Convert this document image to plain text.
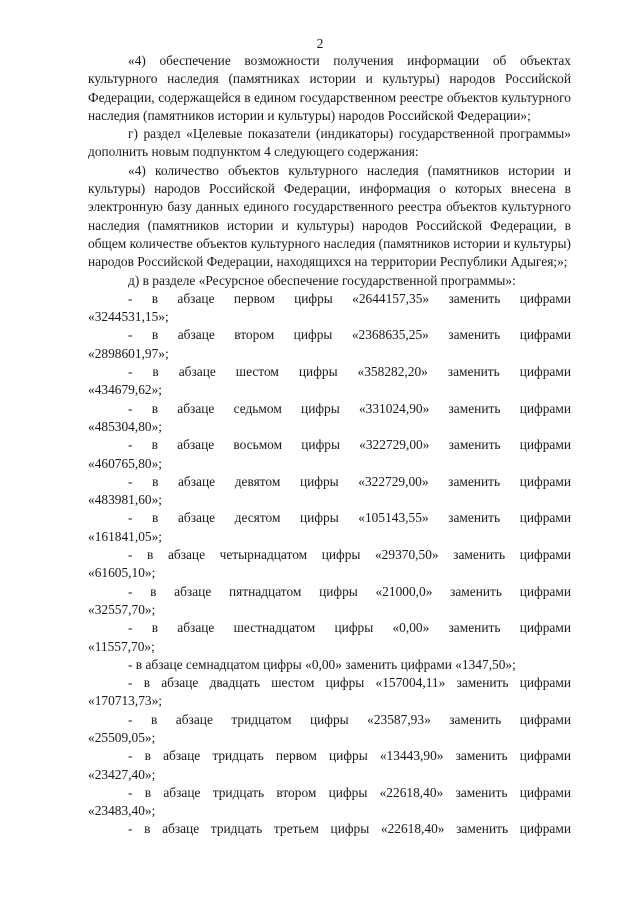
2

«4) обеспечение возможности получения информации об объектах культурного наследия (памятниках истории и культуры) народов Российской Федерации, содержащейся в едином государственном реестре объектов культурного наследия (памятников истории и культуры) народов Российской Федерации»;

г) раздел «Целевые показатели (индикаторы) государственной программы» дополнить новым подпунктом 4 следующего содержания:

«4) количество объектов культурного наследия (памятников истории и культуры) народов Российской Федерации, информация о которых внесена в электронную базу данных единого государственного реестра объектов культурного наследия (памятников истории и культуры) народов Российской Федерации, в общем количестве объектов культурного наследия (памятников истории и культуры) народов Российской Федерации, находящихся на территории Республики Адыгея;»;

д) в разделе «Ресурсное обеспечение государственной программы»:

- в абзаце первом цифры «2644157,35» заменить цифрами
«3244531,15»;
- в абзаце втором цифры «2368635,25» заменить цифрами
«2898601,97»;
- в абзаце шестом цифры «358282,20» заменить цифрами
«434679,62»;
- в абзаце седьмом цифры «331024,90» заменить цифрами
«485304,80»;
- в абзаце восьмом цифры «322729,00» заменить цифрами
«460765,80»;
- в абзаце девятом цифры «322729,00» заменить цифрами
«483981,60»;
- в абзаце десятом цифры «105143,55» заменить цифрами
«161841,05»;
- в абзаце четырнадцатом цифры «29370,50» заменить цифрами
«61605,10»;
- в абзаце пятнадцатом цифры «21000,0» заменить цифрами
«32557,70»;
- в абзаце шестнадцатом цифры «0,00» заменить цифрами
«11557,70»;
- в абзаце семнадцатом цифры «0,00» заменить цифрами «1347,50»;
- в абзаце двадцать шестом цифры «157004,11» заменить цифрами
«170713,73»;
- в абзаце тридцатом цифры «23587,93» заменить цифрами
«25509,05»;
- в абзаце тридцать первом цифры «13443,90» заменить цифрами
«23427,40»;
- в абзаце тридцать втором цифры «22618,40» заменить цифрами
«23483,40»;
- в абзаце тридцать третьем цифры «22618,40» заменить цифрами
